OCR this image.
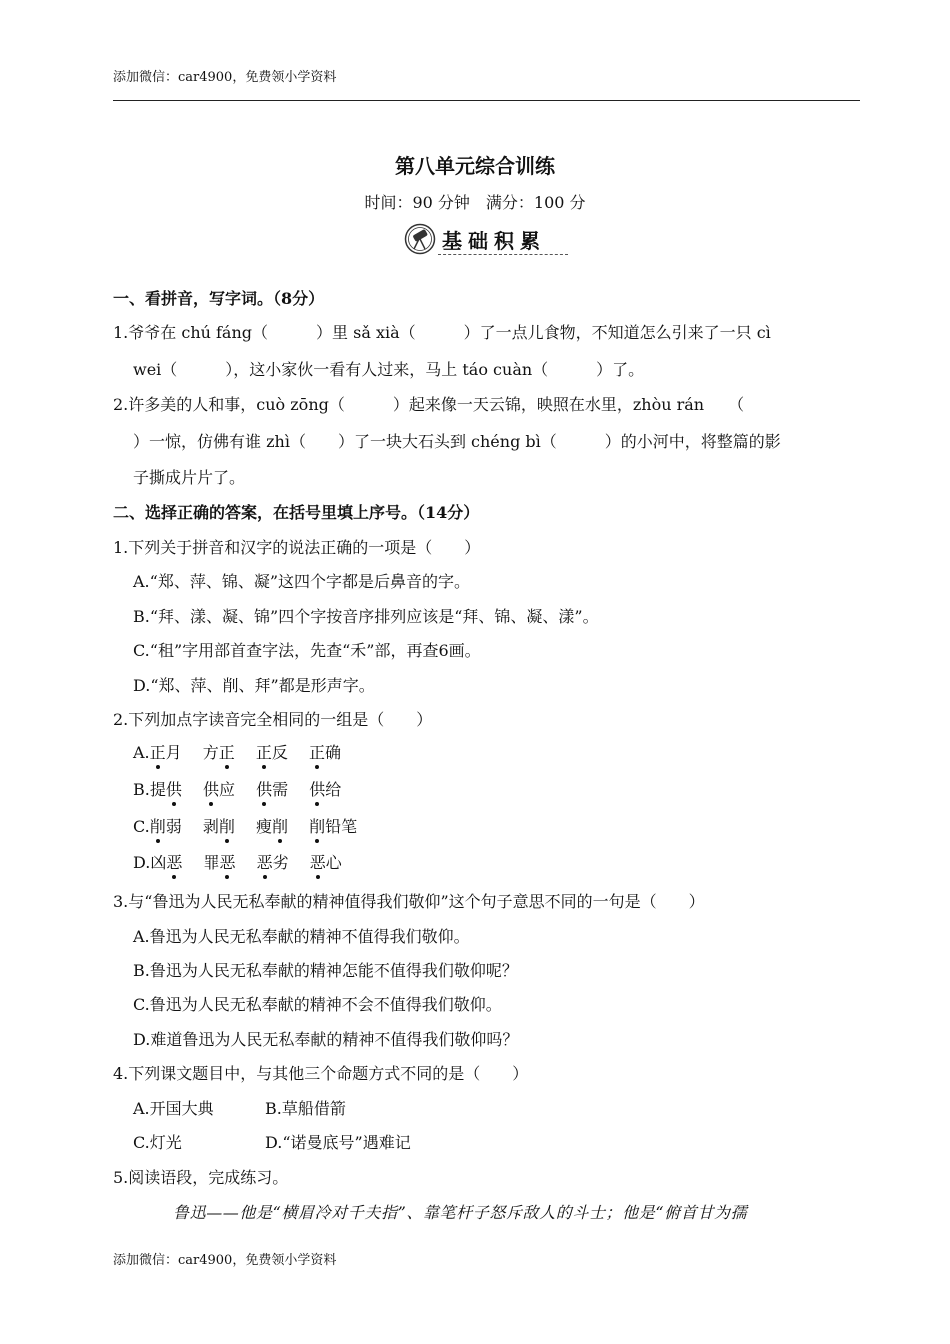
添加微信：car4900，免费领小学资料
第八单元综合训练
时间：90 分钟　满分：100 分
基础积累
一、看拼音，写字词。（8分）
1.爷爷在 chú fáng（　　　）里 sǎ xià（　　　）了一点儿食物，不知道怎么引来了一只 cì
wei（　　　），这小家伙一看有人过来，马上 táo cuàn（　　　）了。
2.许多美的人和事，cuò zōng（　　　）起来像一天云锦，映照在水里，zhòu rán　　（
）一惊，仿佛有谁 zhì（　　）了一块大石头到 chéng bì（　　　）的小河中，将整篇的影
子撕成片片了。
二、选择正确的答案，在括号里填上序号。（14分）
1.下列关于拼音和汉字的说法正确的一项是（　　）
A.“郑、萍、锦、凝”这四个字都是后鼻音的字。
B.“拜、漾、凝、锦”四个字按音序排列应该是“拜、锦、凝、漾”。
C.“租”字用部首查字法，先查“禾”部，再查6画。
D.“郑、萍、削、拜”都是形声字。
2.下列加点字读音完全相同的一组是（　　）
A.正月　 方正　 正反　 正确
B.提供　 供应　 供需　 供给
C.削弱　 剥削　 瘦削　 削铅笔
D.凶恶　 罪恶　 恶劣　 恶心
3.与“鲁迅为人民无私奉献的精神值得我们敬仰”这个句子意思不同的一句是（　　）
A.鲁迅为人民无私奉献的精神不值得我们敬仰。
B.鲁迅为人民无私奉献的精神怎能不值得我们敬仰呢？
C.鲁迅为人民无私奉献的精神不会不值得我们敬仰。
D.难道鲁迅为人民无私奉献的精神不值得我们敬仰吗？
4.下列课文题目中，与其他三个命题方式不同的是（　　）
A.开国大典	B.草船借箭
C.灯光	D.“诺曼底号”遇难记
5.阅读语段，完成练习。
鲁迅——他是“横眉冷对千夫指”、靠笔杆子怒斥敌人的斗士；他是“俯首甘为孺
添加微信：car4900，免费领小学资料
